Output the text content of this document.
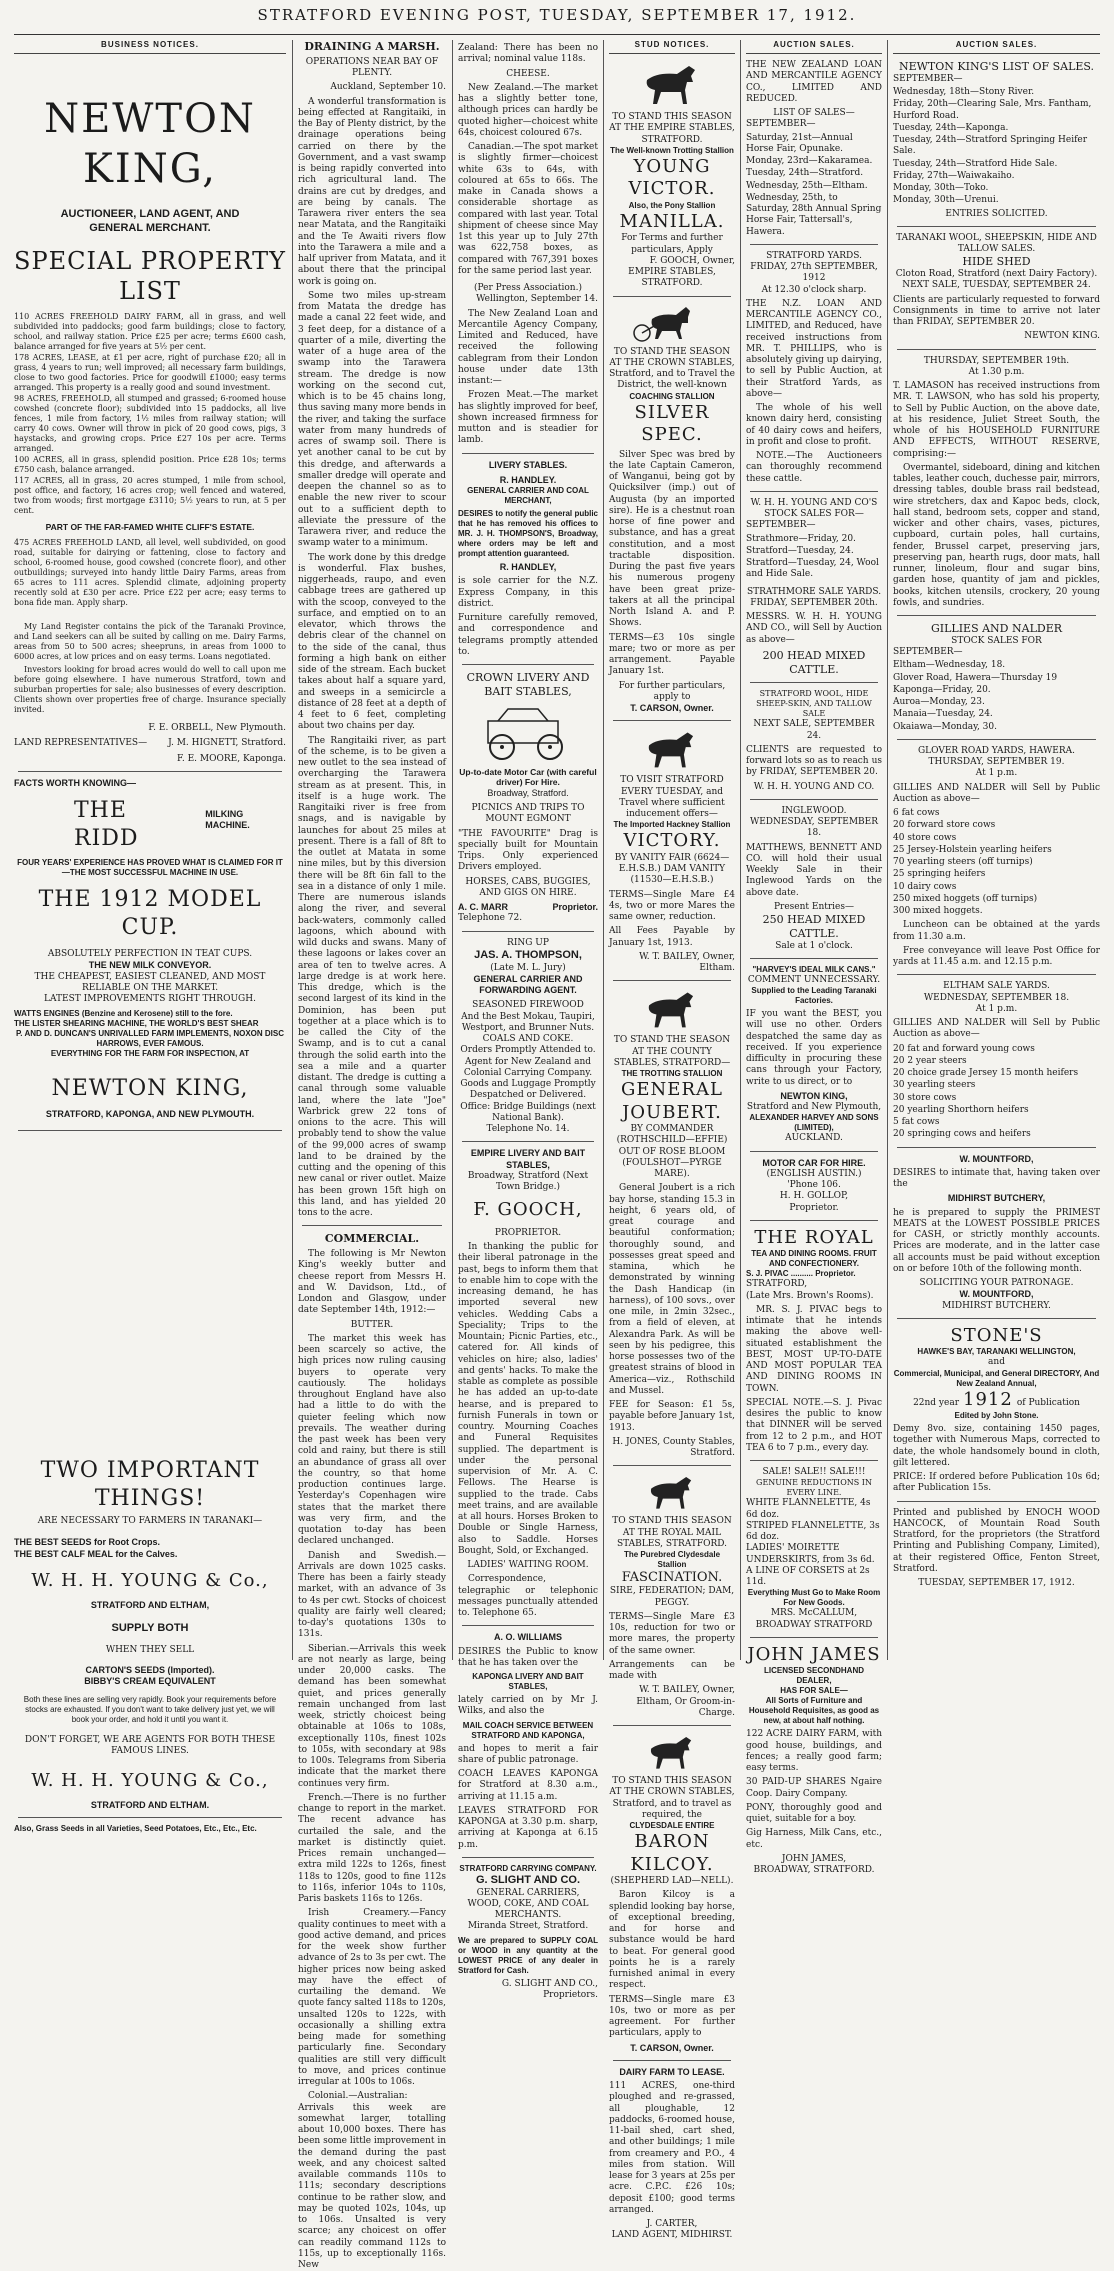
STRATFORD EVENING POST, TUESDAY, SEPTEMBER 17, 1912.
BUSINESS NOTICES.
NEWTON KING,
AUCTIONEER, LAND AGENT, AND GENERAL MERCHANT.
SPECIAL PROPERTY LIST
110 ACRES FREEHOLD DAIRY FARM, all in grass, and well subdivided into paddocks; good farm buildings; close to factory, school, and railway station. Price £25 per acre; terms £600 cash, balance arranged for five years at 5½ per cent.
178 ACRES, LEASE, at £1 per acre, right of purchase £20; all in grass, 4 years to run; well improved; all necessary farm buildings, close to two good factories. Price for goodwill £1000; easy terms arranged. This property is a really good and sound investment.
98 ACRES, FREEHOLD, all stumped and grassed; 6-roomed house cowshed (concrete floor); subdivided into 15 paddocks, all live fences, 1 mile from factory, 1½ miles from railway station; will carry 40 cows. Owner will throw in pick of 20 good cows, pigs, 3 haystacks, and growing crops. Price £27 10s per acre. Terms arranged.
100 ACRES, all in grass, splendid position. Price £28 10s; terms £750 cash, balance arranged.
117 ACRES, all in grass, 20 acres stumped, 1 mile from school, post office, and factory, 16 acres crop; well fenced and watered, two from woods; first mortgage £3110; 5½ years to run, at 5 per cent.
PART OF THE FAR-FAMED WHITE CLIFF'S ESTATE.
475 ACRES FREEHOLD LAND, all level, well subdivided, on good road, suitable for dairying or fattening, close to factory and school, 6-roomed house, good cowshed (concrete floor), and other outbuildings; surveyed into handy little Dairy Farms, areas from 65 acres to 111 acres. Splendid climate, adjoining property recently sold at £30 per acre. Price £22 per acre; easy terms to bona fide man. Apply sharp.
My Land Register contains the pick of the Taranaki Province, and Land seekers can all be suited by calling on me. Dairy Farms, areas from 50 to 500 acres; sheepruns, in areas from 1000 to 6000 acres, at low prices and on easy terms. Loans negotiated.
Investors looking for broad acres would do well to call upon me before going elsewhere. I have numerous Stratford, town and suburban properties for sale; also businesses of every description. Clients shown over properties free of charge. Insurance specially invited.
F. E. ORBELL, New Plymouth.
LAND REPRESENTATIVES— J. M. HIGNETT, Stratford.
F. E. MOORE, Kaponga.
FACTS WORTH KNOWING—
THE RIDD
MILKING MACHINE.
FOUR YEARS' EXPERIENCE HAS PROVED WHAT IS CLAIMED FOR IT—THE MOST SUCCESSFUL MACHINE IN USE.
THE 1912 MODEL CUP.
ABSOLUTELY PERFECTION IN TEAT CUPS.
THE NEW MILK CONVEYOR.
THE CHEAPEST, EASIEST CLEANED, AND MOST RELIABLE ON THE MARKET.
LATEST IMPROVEMENTS RIGHT THROUGH.
WATTS ENGINES (Benzine and Kerosene) still to the fore.
THE LISTER SHEARING MACHINE, THE WORLD'S BEST SHEAR
P. AND D. DUNCAN'S UNRIVALLED FARM IMPLEMENTS, NOXON DISC HARROWS, EVER FAMOUS.
EVERYTHING FOR THE FARM FOR INSPECTION, AT
NEWTON KING,
STRATFORD, KAPONGA, AND NEW PLYMOUTH.
TWO IMPORTANT THINGS!
ARE NECESSARY TO FARMERS IN TARANAKI—
THE BEST SEEDS for Root Crops.
THE BEST CALF MEAL for the Calves.
W. H. H. YOUNG & Co.,
STRATFORD AND ELTHAM,
SUPPLY BOTH
WHEN THEY SELL
CARTON'S SEEDS (Imported).
BIBBY'S CREAM EQUIVALENT
Both these lines are selling very rapidly. Book your requirements before stocks are exhausted. If you don't want to take delivery just yet, we will book your order, and hold it until you want it.
DON'T FORGET, WE ARE AGENTS FOR BOTH THESE FAMOUS LINES.
W. H. H. YOUNG & Co.,
STRATFORD AND ELTHAM.
Also, Grass Seeds in all Varieties, Seed Potatoes, Etc., Etc., Etc.
DRAINING A MARSH.
OPERATIONS NEAR BAY OF PLENTY.
Auckland, September 10.
A wonderful transformation is being effected at Rangitaiki, in the Bay of Plenty district, by the drainage operations being carried on there by the Government, and a vast swamp is being rapidly converted into rich agricultural land. The drains are cut by dredges, and are being by canals. The Tarawera river enters the sea near Matata, and the Rangitaiki and the Te Awaiti rivers flow into the Tarawera a mile and a half upriver from Matata, and it about there that the principal work is going on.
Some two miles up-stream from Matata the dredge has made a canal 22 feet wide, and 3 feet deep, for a distance of a quarter of a mile, diverting the water of a huge area of the swamp into the Tarawera stream. The dredge is now working on the second cut, which is to be 45 chains long, thus saving many more bends in the river, and taking the surface water from many hundreds of acres of swamp soil. There is yet another canal to be cut by this dredge, and afterwards a smaller dredge will operate and deepen the channel so as to enable the new river to scour out to a sufficient depth to alleviate the pressure of the Tarawera river, and reduce the swamp water to a minimum.
The work done by this dredge is wonderful. Flax bushes, niggerheads, raupo, and even cabbage trees are gathered up with the scoop, conveyed to the surface, and emptied on to an elevator, which throws the debris clear of the channel on to the side of the canal, thus forming a high bank on either side of the stream. Each bucket takes about half a square yard, and sweeps in a semicircle a distance of 28 feet at a depth of 4 feet to 6 feet, completing about two chains per day.
The Rangitaiki river, as part of the scheme, is to be given a new outlet to the sea instead of overcharging the Tarawera stream as at present. This, in itself is a huge work. The Rangitaiki river is free from snags, and is navigable by launches for about 25 miles at present. There is a fall of 8ft to the outlet at Matata in some nine miles, but by this diversion there will be 8ft 6in fall to the sea in a distance of only 1 mile. There are numerous islands along the river, and several back-waters, commonly called lagoons, which abound with wild ducks and swans. Many of these lagoons or lakes cover an area of ten to twelve acres. A large dredge is at work here. This dredge, which is the second largest of its kind in the Dominion, has been put together at a place which is to be called the City of the Swamp, and is to cut a canal through the solid earth into the sea a mile and a quarter distant. The dredge is cutting a canal through some valuable land, where the late "Joe" Warbrick grew 22 tons of onions to the acre. This will probably tend to show the value of the 99,000 acres of swamp land to be drained by the cutting and the opening of this new canal or river outlet. Maize has been grown 15ft high on this land, and has yielded 20 tons to the acre.
COMMERCIAL.
The following is Mr Newton King's weekly butter and cheese report from Messrs H. and W. Davidson, Ltd., of London and Glasgow, under date September 14th, 1912:—
BUTTER.
The market this week has been scarcely so active, the high prices now ruling causing buyers to operate very cautiously. The holidays throughout England have also had a little to do with the quieter feeling which now prevails. The weather during the past week has been very cold and rainy, but there is still an abundance of grass all over the country, so that home production continues large. Yesterday's Copenhagen wire states that the market there was very firm, and the quotation to-day has been declared unchanged.
Danish and Swedish.—Arrivals are down 1025 casks. There has been a fairly steady market, with an advance of 3s to 4s per cwt. Stocks of choicest quality are fairly well cleared; to-day's quotations 130s to 131s.
Siberian.—Arrivals this week are not nearly as large, being under 20,000 casks. The demand has been somewhat quiet, and prices generally remain unchanged from last week, strictly choicest being obtainable at 106s to 108s, exceptionally 110s, finest 102s to 105s, with secondary at 98s to 100s. Telegrams from Siberia indicate that the market there continues very firm.
French.—There is no further change to report in the market. The recent advance has curtailed the sale, and the market is distinctly quiet. Prices remain unchanged—extra mild 122s to 126s, finest 118s to 120s, good to fine 112s to 116s, inferior 104s to 110s, Paris baskets 116s to 126s.
Irish Creamery.—Fancy quality continues to meet with a good active demand, and prices for the week show further advance of 2s to 3s per cwt. The higher prices now being asked may have the effect of curtailing the demand. We quote fancy salted 118s to 120s, unsalted 120s to 122s, with occasionally a shilling extra being made for something particularly fine. Secondary qualities are still very difficult to move, and prices continue irregular at 100s to 106s.
Colonial.—Australian: Arrivals this week are somewhat larger, totalling about 10,000 boxes. There has been some little improvement in the demand during the past week, and any choicest salted available commands 110s to 111s; secondary descriptions continue to be rather slow, and may be quoted 102s, 104s, up to 106s. Unsalted is very scarce; any choicest on offer can readily command 112s to 115s, up to exceptionally 116s. New
Zealand: There has been no arrival; nominal value 118s.
CHEESE.
New Zealand.—The market has a slightly better tone, although prices can hardly be quoted higher—choicest white 64s, choicest coloured 67s.
Canadian.—The spot market is slightly firmer—choicest white 63s to 64s, with coloured at 65s to 66s. The make in Canada shows a considerable shortage as compared with last year. Total shipment of cheese since May 1st this year up to July 27th was 622,758 boxes, as compared with 767,391 boxes for the same period last year.
(Per Press Association.)
Wellington, September 14.
The New Zealand Loan and Mercantile Agency Company, Limited and Reduced, have received the following cablegram from their London house under date 13th instant:—
Frozen Meat.—The market has slightly improved for beef, shown increased firmness for mutton and is steadier for lamb.
LIVERY STABLES.
R. HANDLEY.
GENERAL CARRIER AND COAL MERCHANT,
DESIRES to notify the general public that he has removed his offices to MR. J. H. THOMPSON'S, Broadway, where orders may be left and prompt attention guaranteed.
R. HANDLEY,
is sole carrier for the N.Z. Express Company, in this district.
Furniture carefully removed, and correspondence and telegrams promptly attended to.
CROWN LIVERY AND BAIT STABLES,
Up-to-date Motor Car (with careful driver) For Hire.
Broadway, Stratford.
PICNICS AND TRIPS TO MOUNT EGMONT
"THE FAVOURITE" Drag is specially built for Mountain Trips. Only experienced Drivers employed.
HORSES, CABS, BUGGIES, AND GIGS ON HIRE.
A. C. MARR	Proprietor.
Telephone 72.
RING UP
JAS. A. THOMPSON,
(Late M. L. Jury)
GENERAL CARRIER AND FORWARDING AGENT.
SEASONED FIREWOOD
And the Best Mokau, Taupiri, Westport, and Brunner Nuts.
COALS AND COKE.
Orders Promptly Attended to.
Agent for New Zealand and Colonial Carrying Company.
Goods and Luggage Promptly Despatched or Delivered.
Office: Bridge Buildings (next National Bank).
Telephone No. 14.
EMPIRE LIVERY AND BAIT STABLES,
Broadway, Stratford (Next Town Bridge.)
F. GOOCH,
PROPRIETOR.
In thanking the public for their liberal patronage in the past, begs to inform them that to enable him to cope with the increasing demand, he has imported several new vehicles. Wedding Cabs a Speciality; Trips to the Mountain; Picnic Parties, etc., catered for. All kinds of vehicles on hire; also, ladies' and gents' hacks. To make the stable as complete as possible he has added an up-to-date hearse, and is prepared to furnish Funerals in town or country. Mourning Coaches and Funeral Requisites supplied. The department is under the personal supervision of Mr. A. C. Fellows. The Hearse is supplied to the trade. Cabs meet trains, and are available at all hours. Horses Broken to Double or Single Harness, also to Saddle. Horses Bought, Sold, or Exchanged.
LADIES' WAITING ROOM.
Correspondence, telegraphic or telephonic messages punctually attended to. Telephone 65.
A. O. WILLIAMS
DESIRES the Public to know that he has taken over the
KAPONGA LIVERY AND BAIT STABLES,
lately carried on by Mr J. Wilks, and also the
MAIL COACH SERVICE BETWEEN STRATFORD AND KAPONGA,
and hopes to merit a fair share of public patronage.
COACH LEAVES KAPONGA for Stratford at 8.30 a.m., arriving at 11.15 a.m.
LEAVES STRATFORD FOR KAPONGA at 3.30 p.m. sharp, arriving at Kaponga at 6.15 p.m.
STRATFORD CARRYING COMPANY.
G. SLIGHT AND CO.
GENERAL CARRIERS,
WOOD, COKE, AND COAL MERCHANTS.
Miranda Street, Stratford.
We are prepared to SUPPLY COAL or WOOD in any quantity at the LOWEST PRICE of any dealer in Stratford for Cash.
G. SLIGHT AND CO.,
Proprietors.
STUD NOTICES.
TO STAND THIS SEASON AT THE EMPIRE STABLES, STRATFORD.
The Well-known Trotting Stallion
YOUNG VICTOR.
Also, the Pony Stallion
MANILLA.
For Terms and further particulars, Apply
F. GOOCH, Owner,
EMPIRE STABLES, STRATFORD.
TO STAND THE SEASON AT THE CROWN STABLES, Stratford, and to Travel the District, the well-known
COACHING STALLION
SILVER SPEC.
Silver Spec was bred by the late Captain Cameron, of Wanganui, being got by Quicksilver (imp.) out of Augusta (by an imported sire). He is a chestnut roan horse of fine power and substance, and has a great constitution, and a most tractable disposition. During the past five years his numerous progeny have been great prize-takers at all the principal North Island A. and P. Shows.
TERMS—£3 10s single mare; two or more as per arrangement. Payable January 1st.
For further particulars, apply to
T. CARSON, Owner.
TO VISIT STRATFORD EVERY TUESDAY, and Travel where sufficient inducement offers—
The Imported Hackney Stallion
VICTORY.
BY VANITY FAIR (6624—E.H.S.B.) DAM VANITY (11530—E.H.S.B.)
TERMS—Single Mare £4 4s, two or more Mares the same owner, reduction.
All Fees Payable by January 1st, 1913.
W. T. BAILEY, Owner, Eltham.
TO STAND THE SEASON AT THE COUNTY STABLES, STRATFORD—
THE TROTTING STALLION
GENERAL JOUBERT.
BY COMMANDER (ROTHSCHILD—EFFIE) OUT OF ROSE BLOOM (FOULSHOT—PYRGE MARE).
General Joubert is a rich bay horse, standing 15.3 in height, 6 years old, of great courage and beautiful conformation; thoroughly sound, and possesses great speed and stamina, which he demonstrated by winning the Dash Handicap (in harness), of 100 sovs., over one mile, in 2min 32sec., from a field of eleven, at Alexandra Park. As will be seen by his pedigree, this horse possesses two of the greatest strains of blood in America—viz., Rothschild and Mussel.
FEE for Season: £1 5s, payable before January 1st, 1913.
H. JONES, County Stables, Stratford.
TO STAND THIS SEASON AT THE ROYAL MAIL STABLES, STRATFORD.
The Purebred Clydesdale Stallion
FASCINATION.
SIRE, FEDERATION; DAM, PEGGY.
TERMS—Single Mare £3 10s, reduction for two or more mares, the property of the same owner.
Arrangements can be made with
W. T. BAILEY, Owner, Eltham, Or Groom-in-Charge.
TO STAND THIS SEASON AT THE CROWN STABLES, Stratford, and to travel as required, the
CLYDESDALE ENTIRE
BARON KILCOY.
(SHEPHERD LAD—NELL).
Baron Kilcoy is a splendid looking bay horse, of exceptional breeding, and for horse and substance would be hard to beat. For general good points he is a rarely furnished animal in every respect.
TERMS—Single mare £3 10s, two or more as per agreement. For further particulars, apply to
T. CARSON, Owner.
DAIRY FARM TO LEASE.
111 ACRES, one-third ploughed and re-grassed, all ploughable, 12 paddocks, 6-roomed house, 11-bail shed, cart shed, and other buildings; 1 mile from creamery and P.O., 4 miles from station. Will lease for 3 years at 25s per acre. C.P.C. £26 10s; deposit £100; good terms arranged.
J. CARTER,
LAND AGENT, MIDHIRST.
AUCTION SALES.
THE NEW ZEALAND LOAN AND MERCANTILE AGENCY CO., LIMITED AND REDUCED.
LIST OF SALES—
SEPTEMBER—
Saturday, 21st—Annual Horse Fair, Opunake.
Monday, 23rd—Kakaramea.
Tuesday, 24th—Stratford.
Wednesday, 25th—Eltham.
Wednesday, 25th, to Saturday, 28th Annual Spring Horse Fair, Tattersall's, Hawera.
STRATFORD YARDS.
FRIDAY, 27th SEPTEMBER, 1912
At 12.30 o'clock sharp.
THE N.Z. LOAN AND MERCANTILE AGENCY CO., LIMITED, and Reduced, have received instructions from MR. T. PHILLIPS, who is absolutely giving up dairying, to sell by Public Auction, at their Stratford Yards, as above—
The whole of his well known dairy herd, consisting of 40 dairy cows and heifers, in profit and close to profit.
NOTE.—The Auctioneers can thoroughly recommend these cattle.
W. H. H. YOUNG AND CO'S
STOCK SALES FOR—
SEPTEMBER—
Strathmore—Friday, 20.
Stratford—Tuesday, 24.
Stratford—Tuesday, 24, Wool and Hide Sale.
STRATHMORE SALE YARDS.
FRIDAY, SEPTEMBER 20th.
MESSRS. W. H. H. YOUNG AND CO., will Sell by Auction as above—
200 HEAD MIXED CATTLE.
STRATFORD WOOL, HIDE SHEEP-SKIN, AND TALLOW SALE
NEXT SALE, SEPTEMBER 24.
CLIENTS are requested to forward lots so as to reach us by FRIDAY, SEPTEMBER 20.
W. H. H. YOUNG AND CO.
INGLEWOOD.
WEDNESDAY, SEPTEMBER 18.
MATTHEWS, BENNETT AND CO. will hold their usual Weekly Sale in their Inglewood Yards on the above date.
Present Entries—
250 HEAD MIXED CATTLE.
Sale at 1 o'clock.
"HARVEY'S IDEAL MILK CANS."
COMMENT UNNECESSARY.
Supplied to the Leading Taranaki Factories.
IF you want the BEST, you will use no other. Orders despatched the same day as received. If you experience difficulty in procuring these cans through your Factory, write to us direct, or to
NEWTON KING,
Stratford and New Plymouth,
ALEXANDER HARVEY AND SONS (LIMITED),
AUCKLAND.
MOTOR CAR FOR HIRE.
(ENGLISH AUSTIN.)
'Phone 106.
H. H. GOLLOP,
Proprietor.
THE ROYAL
TEA AND DINING ROOMS. FRUIT AND CONFECTIONERY.
S. J. PIVAC .......... Proprietor.
STRATFORD,
(Late Mrs. Brown's Rooms).
MR. S. J. PIVAC begs to intimate that he intends making the above well-situated establishment the BEST, MOST UP-TO-DATE AND MOST POPULAR TEA AND DINING ROOMS IN TOWN.
SPECIAL NOTE.—S. J. Pivac desires the public to know that DINNER will be served from 12 to 2 p.m., and HOT TEA 6 to 7 p.m., every day.
SALE! SALE!! SALE!!!
GENUINE REDUCTIONS IN EVERY LINE.
WHITE FLANNELETTE, 4s 6d doz.
STRIPED FLANNELETTE, 3s 6d doz.
LADIES' MOIRETTE UNDERSKIRTS, from 3s 6d.
A LINE OF CORSETS at 2s 11d.
Everything Must Go to Make Room For New Goods.
MRS. McCALLUM,
BROADWAY STRATFORD
JOHN JAMES
LICENSED SECONDHAND DEALER,
HAS FOR SALE—
All Sorts of Furniture and Household Requisites, as good as new, at about half nothing.
122 ACRE DAIRY FARM, with good house, buildings, and fences; a really good farm; easy terms.
30 PAID-UP SHARES Ngaire Coop. Dairy Company.
PONY, thoroughly good and quiet, suitable for a boy.
Gig Harness, Milk Cans, etc., etc.
JOHN JAMES,
BROADWAY, STRATFORD.
AUCTION SALES.
NEWTON KING'S LIST OF SALES.
SEPTEMBER—
Wednesday, 18th—Stony River.
Friday, 20th—Clearing Sale, Mrs. Fantham, Hurford Road.
Tuesday, 24th—Kaponga.
Tuesday, 24th—Stratford Springing Heifer Sale.
Tuesday, 24th—Stratford Hide Sale.
Friday, 27th—Waiwakaiho.
Monday, 30th—Toko.
Monday, 30th—Urenui.
ENTRIES SOLICITED.
TARANAKI WOOL, SHEEPSKIN, HIDE AND TALLOW SALES.
HIDE SHED
Cloton Road, Stratford (next Dairy Factory).
NEXT SALE, TUESDAY, SEPTEMBER 24.
Clients are particularly requested to forward Consignments in time to arrive not later than FRIDAY, SEPTEMBER 20.
NEWTON KING.
THURSDAY, SEPTEMBER 19th.
At 1.30 p.m.
T. LAMASON has received instructions from MR. T. LAWSON, who has sold his property, to Sell by Public Auction, on the above date, at his residence, Juliet Street South, the whole of his HOUSEHOLD FURNITURE AND EFFECTS, WITHOUT RESERVE, comprising:—
Overmantel, sideboard, dining and kitchen tables, leather couch, duchesse pair, mirrors, dressing tables, double brass rail bedstead, wire stretchers, dax and Kapoc beds, clock, hall stand, bedroom sets, copper and stand, wicker and other chairs, vases, pictures, cupboard, curtain poles, hall curtains, fender, Brussel carpet, preserving jars, preserving pan, hearth rugs, door mats, hall runner, linoleum, flour and sugar bins, garden hose, quantity of jam and pickles, books, kitchen utensils, crockery, 20 young fowls, and sundries.
GILLIES AND NALDER
STOCK SALES FOR
SEPTEMBER—
Eltham—Wednesday, 18.
Glover Road, Hawera—Thursday 19
Kaponga—Friday, 20.
Auroa—Monday, 23.
Manaia—Tuesday, 24.
Okaiawa—Monday, 30.
GLOVER ROAD YARDS, HAWERA.
THURSDAY, SEPTEMBER 19.
At 1 p.m.
GILLIES AND NALDER will Sell by Public Auction as above—
6 fat cows
20 forward store cows
40 store cows
25 Jersey-Holstein yearling heifers
70 yearling steers (off turnips)
25 springing heifers
10 dairy cows
250 mixed hoggets (off turnips)
300 mixed hoggets.
Luncheon can be obtained at the yards from 11.30 a.m.
Free conveyance will leave Post Office for yards at 11.45 a.m. and 12.15 p.m.
ELTHAM SALE YARDS.
WEDNESDAY, SEPTEMBER 18.
At 1 p.m.
GILLIES AND NALDER will Sell by Public Auction as above—
20 fat and forward young cows
20 2 year steers
20 choice grade Jersey 15 month heifers
30 yearling steers
30 store cows
20 yearling Shorthorn heifers
5 fat cows
20 springing cows and heifers
W. MOUNTFORD,
DESIRES to intimate that, having taken over the
MIDHIRST BUTCHERY,
he is prepared to supply the PRIMEST MEATS at the LOWEST POSSIBLE PRICES for CASH, or strictly monthly accounts. Prices are moderate, and in the latter case all accounts must be paid without exception on or before 10th of the following month.
SOLICITING YOUR PATRONAGE.
W. MOUNTFORD,
MIDHIRST BUTCHERY.
STONE'S
HAWKE'S BAY, TARANAKI WELLINGTON,
and
Commercial, Municipal, and General DIRECTORY, And New Zealand Annual,
22nd year 1912 of Publication
Edited by John Stone.
Demy 8vo. size, containing 1450 pages, together with Numerous Maps, corrected to date, the whole handsomely bound in cloth, gilt lettered.
PRICE: If ordered before Publication 10s 6d; after Publication 15s.
Printed and published by ENOCH WOOD HANCOCK, of Mountain Road South Stratford, for the proprietors (the Stratford Printing and Publishing Company, Limited), at their registered Office, Fenton Street, Stratford.
TUESDAY, SEPTEMBER 17, 1912.
